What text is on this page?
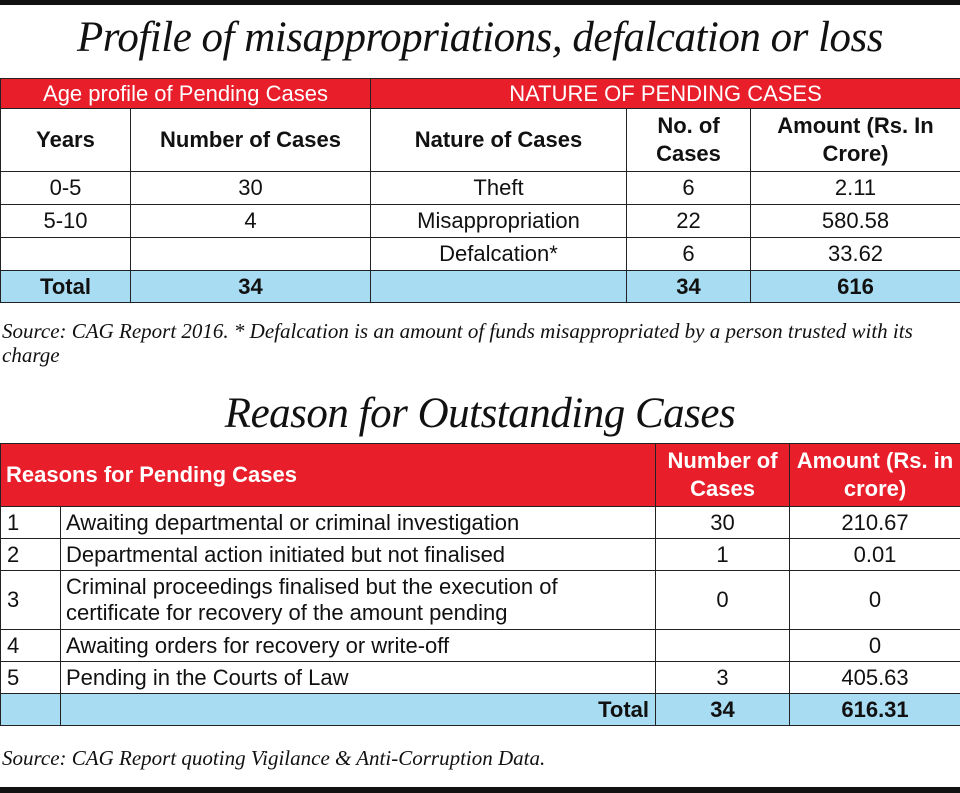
Profile of misappropriations, defalcation or loss
Age profile of Pending Cases		NATURE OF PENDING CASES		
Years	Number of Cases	Nature of Cases	No. of Cases	Amount (Rs. In Crore)
0-5	30	Theft	6	2.11
5-10	4	Misappropriation	22	580.58
		Defalcation*	6	33.62
Total	34		34	616
Source: CAG Report 2016. * Defalcation is an amount of funds misappropriated by a person trusted with its charge
Reason for Outstanding Cases
Reasons for Pending Cases		Number of Cases	Amount (Rs. in crore)
1	Awaiting departmental or criminal investigation	30	210.67
2	Departmental action initiated but not finalised	1	0.01
3	Criminal proceedings finalised but the execution of certificate for recovery of the amount pending	0	0
4	Awaiting orders for recovery or write-off		0
5	Pending in the Courts of Law	3	405.63
	Total	34	616.31
Source: CAG Report quoting Vigilance & Anti-Corruption Data.
